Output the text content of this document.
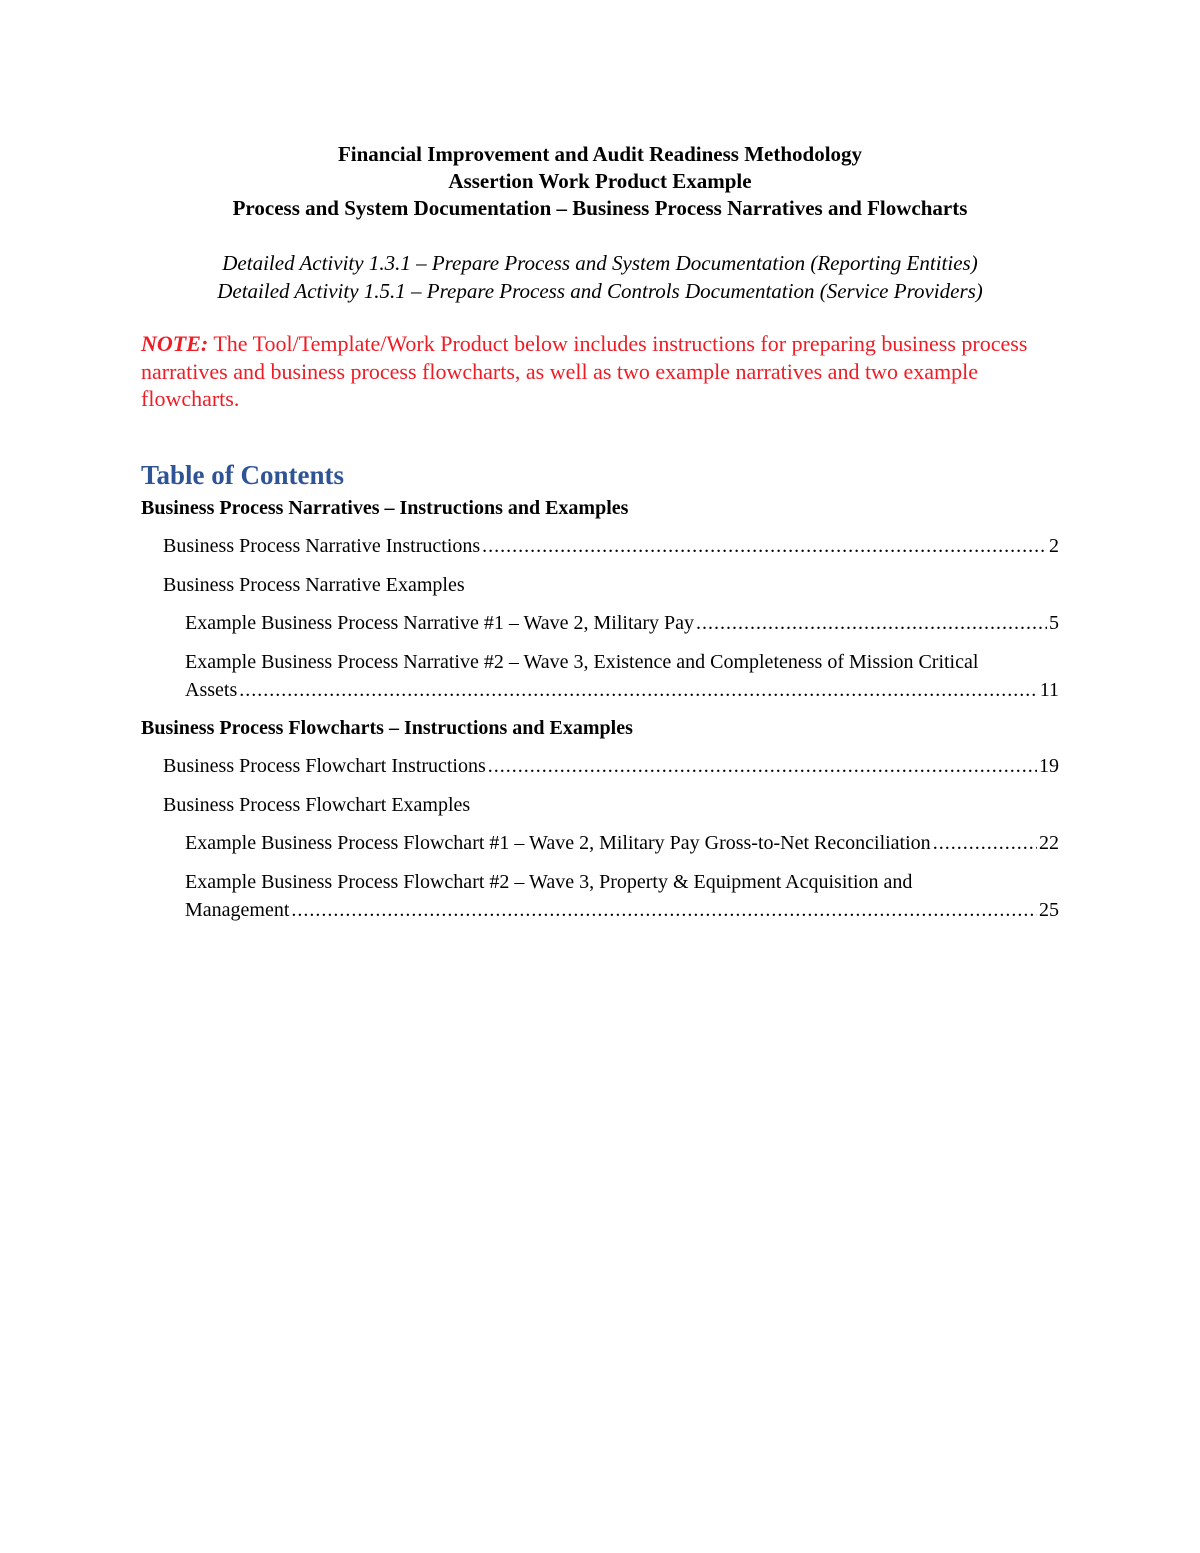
Financial Improvement and Audit Readiness Methodology
Assertion Work Product Example
Process and System Documentation – Business Process Narratives and Flowcharts
Detailed Activity 1.3.1 – Prepare Process and System Documentation (Reporting Entities)
Detailed Activity 1.5.1 – Prepare Process and Controls Documentation (Service Providers)
NOTE: The Tool/Template/Work Product below includes instructions for preparing business process narratives and business process flowcharts, as well as two example narratives and two example flowcharts.
Table of Contents
Business Process Narratives – Instructions and Examples
Business Process Narrative Instructions .....	2
Business Process Narrative Examples
Example Business Process Narrative #1 – Wave 2, Military Pay .....	5
Example Business Process Narrative #2 – Wave 3, Existence and Completeness of Mission Critical
Assets .....	11
Business Process Flowcharts – Instructions and Examples
Business Process Flowchart Instructions .....	19
Business Process Flowchart Examples
Example Business Process Flowchart #1 – Wave 2, Military Pay Gross-to-Net Reconciliation .....	22
Example Business Process Flowchart #2 – Wave 3, Property & Equipment Acquisition and
Management .....	25
